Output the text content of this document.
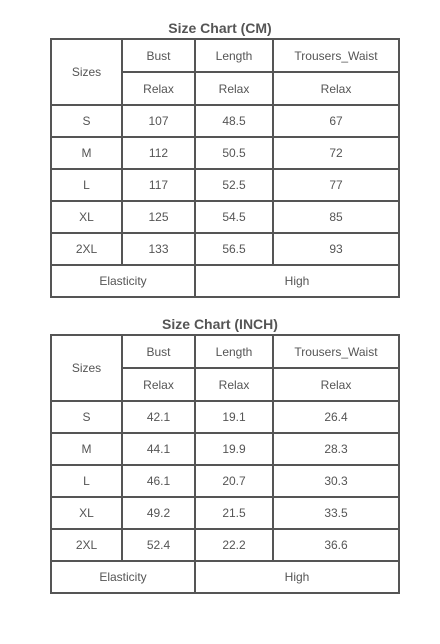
Size Chart (CM)
Sizes	Bust	Length	Trousers_Waist
	Relax	Relax	Relax
S	107	48.5	67
M	112	50.5	72
L	117	52.5	77
XL	125	54.5	85
2XL	133	56.5	93
Elasticity		High	
Size Chart (INCH)
Sizes	Bust	Length	Trousers_Waist
	Relax	Relax	Relax
S	42.1	19.1	26.4
M	44.1	19.9	28.3
L	46.1	20.7	30.3
XL	49.2	21.5	33.5
2XL	52.4	22.2	36.6
Elasticity		High	
